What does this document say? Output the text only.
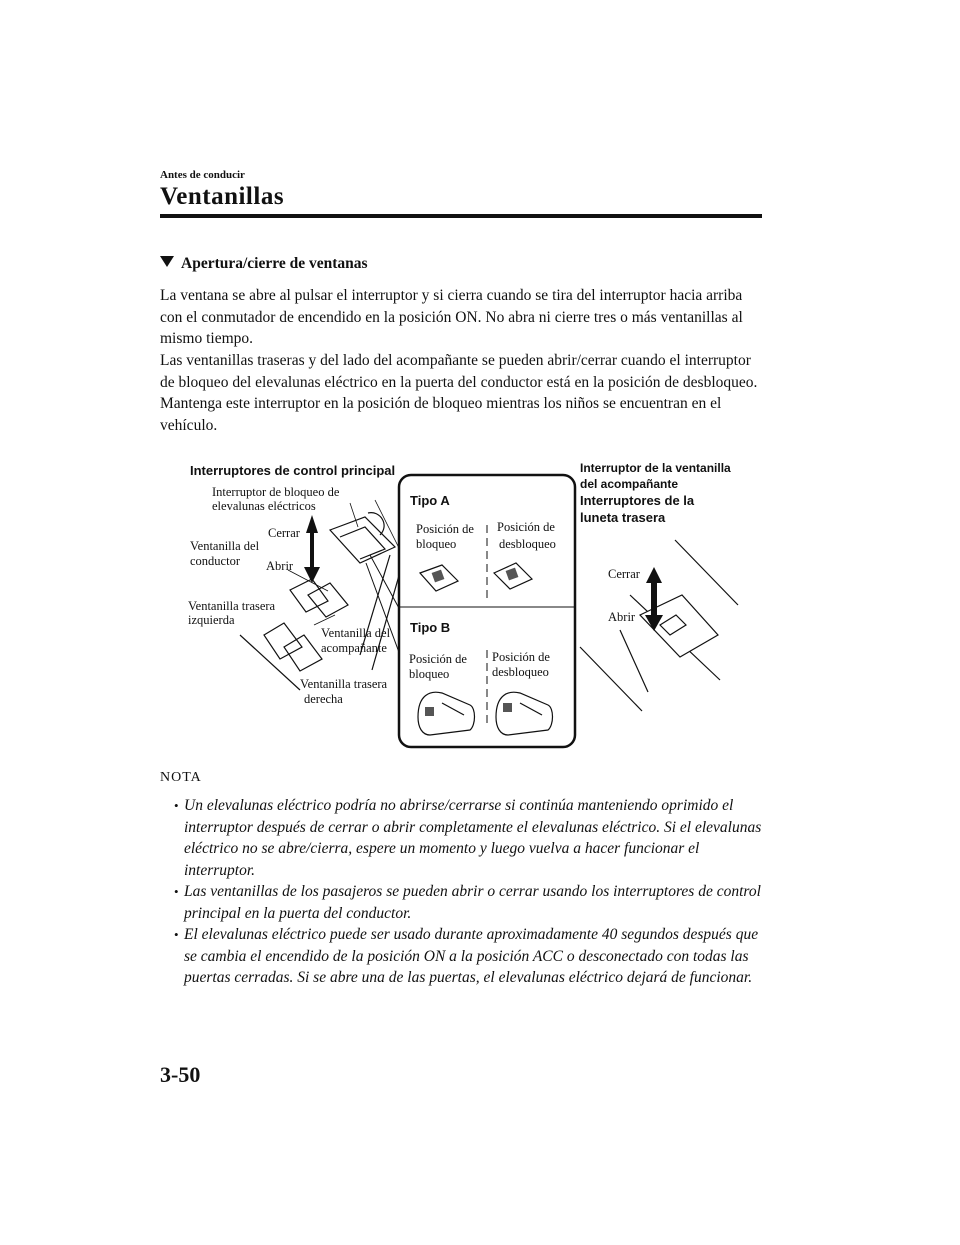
Antes de conducir
Ventanillas
Apertura/cierre de ventanas
La ventana se abre al pulsar el interruptor y si cierra cuando se tira del interruptor hacia arriba con el conmutador de encendido en la posición ON. No abra ni cierre tres o más ventanillas al mismo tiempo.
Las ventanillas traseras y del lado del acompañante se pueden abrir/cerrar cuando el interruptor de bloqueo del elevalunas eléctrico en la puerta del conductor está en la posición de desbloqueo. Mantenga este interruptor en la posición de bloqueo mientras los niños se encuentran en el vehículo.
Interruptores de control principal
Interruptor de bloqueo de
elevalunas eléctricos
Cerrar
Ventanilla del
conductor Abrir
Ventanilla trasera
izquierda
Ventanilla del
acompañante
Ventanilla trasera
derecha
Tipo A
Posición de
bloqueo
Posición de
desbloqueo
Tipo B
Posición de
bloqueo
Posición de
desbloqueo
Interruptor de la ventanilla
del acompañante
Interruptores de la
luneta trasera
Cerrar
Abrir
NOTA
• Un elevalunas eléctrico podría no abrirse/cerrarse si continúa manteniendo oprimido el interruptor después de cerrar o abrir completamente el elevalunas eléctrico. Si el elevalunas eléctrico no se abre/cierra, espere un momento y luego vuelva a hacer funcionar el interruptor.
• Las ventanillas de los pasajeros se pueden abrir o cerrar usando los interruptores de control principal en la puerta del conductor.
• El elevalunas eléctrico puede ser usado durante aproximadamente 40 segundos después que se cambia el encendido de la posición ON a la posición ACC o desconectado con todas las puertas cerradas. Si se abre una de las puertas, el elevalunas eléctrico dejará de funcionar.
3-50
